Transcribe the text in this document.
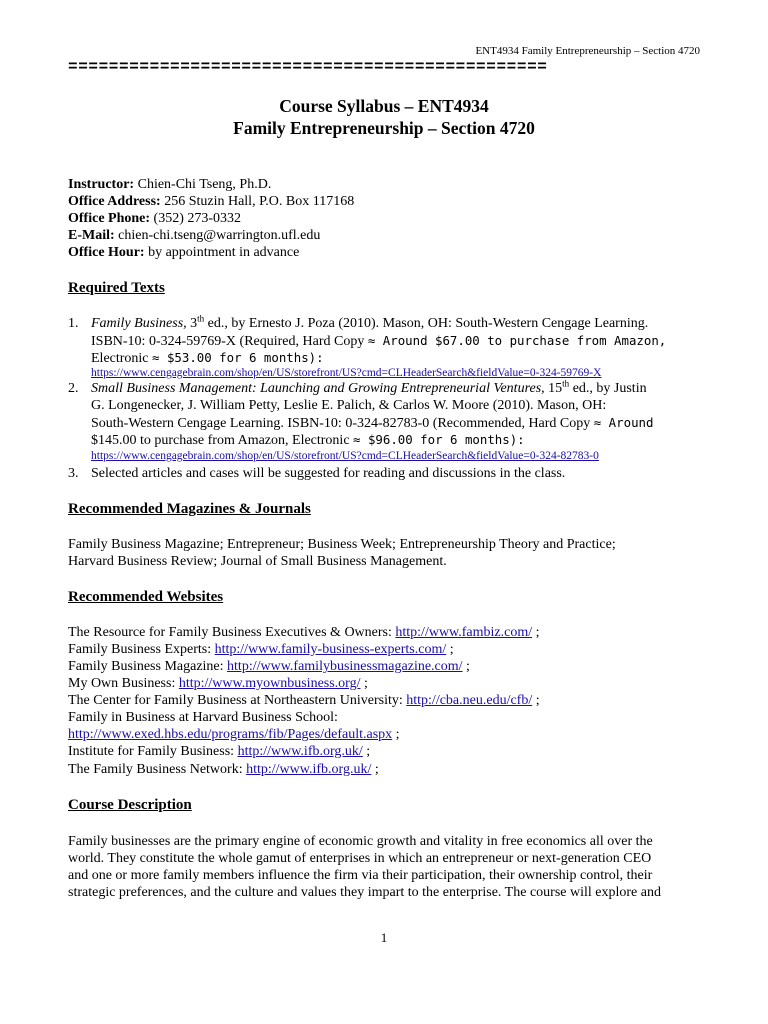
ENT4934 Family Entrepreneurship – Section 4720
===============================================
Course Syllabus – ENT4934
Family Entrepreneurship – Section 4720
Instructor: Chien-Chi Tseng, Ph.D.
Office Address: 256 Stuzin Hall, P.O. Box 117168
Office Phone: (352) 273-0332
E-Mail: chien-chi.tseng@warrington.ufl.edu
Office Hour: by appointment in advance
Required Texts
1. Family Business, 3th ed., by Ernesto J. Poza (2010). Mason, OH: South-Western Cengage Learning.
ISBN-10: 0-324-59769-X (Required, Hard Copy ≈ Around $67.00 to purchase from Amazon,
Electronic ≈ $53.00 for 6 months):
https://www.cengagebrain.com/shop/en/US/storefront/US?cmd=CLHeaderSearch&fieldValue=0-324-59769-X
2. Small Business Management: Launching and Growing Entrepreneurial Ventures, 15th ed., by Justin
G. Longenecker, J. William Petty, Leslie E. Palich, & Carlos W. Moore (2010). Mason, OH:
South-Western Cengage Learning. ISBN-10: 0-324-82783-0 (Recommended, Hard Copy ≈ Around
$145.00 to purchase from Amazon, Electronic ≈ $96.00 for 6 months):
https://www.cengagebrain.com/shop/en/US/storefront/US?cmd=CLHeaderSearch&fieldValue=0-324-82783-0
3. Selected articles and cases will be suggested for reading and discussions in the class.
Recommended Magazines & Journals
Family Business Magazine; Entrepreneur; Business Week; Entrepreneurship Theory and Practice;
Harvard Business Review; Journal of Small Business Management.
Recommended Websites
The Resource for Family Business Executives & Owners: http://www.fambiz.com/ ;
Family Business Experts: http://www.family-business-experts.com/ ;
Family Business Magazine: http://www.familybusinessmagazine.com/ ;
My Own Business: http://www.myownbusiness.org/ ;
The Center for Family Business at Northeastern University: http://cba.neu.edu/cfb/ ;
Family in Business at Harvard Business School:
http://www.exed.hbs.edu/programs/fib/Pages/default.aspx ;
Institute for Family Business: http://www.ifb.org.uk/ ;
The Family Business Network: http://www.ifb.org.uk/ ;
Course Description
Family businesses are the primary engine of economic growth and vitality in free economics all over the
world. They constitute the whole gamut of enterprises in which an entrepreneur or next-generation CEO
and one or more family members influence the firm via their participation, their ownership control, their
strategic preferences, and the culture and values they impart to the enterprise. The course will explore and
1
